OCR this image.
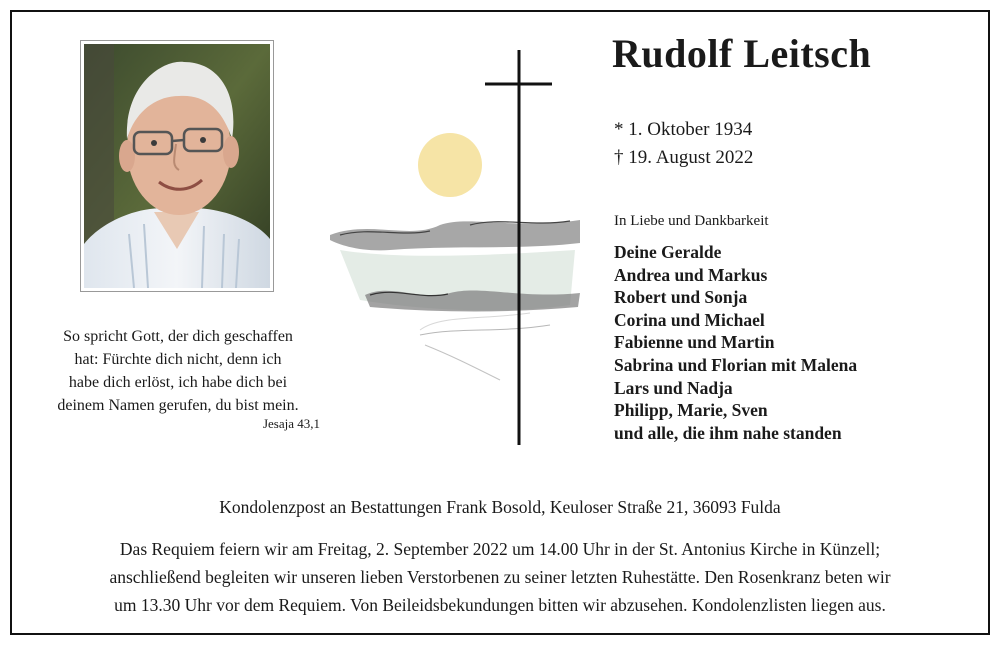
So spricht Gott, der dich geschaffen
hat: Fürchte dich nicht, denn ich
habe dich erlöst, ich habe dich bei
deinem Namen gerufen, du bist mein.
Jesaja 43,1
Rudolf Leitsch
* 1. Oktober 1934
† 19. August 2022
In Liebe und Dankbarkeit
Deine Geralde
Andrea und Markus
Robert und Sonja
Corina und Michael
Fabienne und Martin
Sabrina und Florian mit Malena
Lars und Nadja
Philipp, Marie, Sven
und alle, die ihm nahe standen
Kondolenzpost an Bestattungen Frank Bosold, Keuloser Straße 21, 36093 Fulda
Das Requiem feiern wir am Freitag, 2. September 2022 um 14.00 Uhr in der St. Antonius Kirche in Künzell;
anschließend begleiten wir unseren lieben Verstorbenen zu seiner letzten Ruhestätte. Den Rosenkranz beten wir
um 13.30 Uhr vor dem Requiem. Von Beileidsbekundungen bitten wir abzusehen. Kondolenzlisten liegen aus.
